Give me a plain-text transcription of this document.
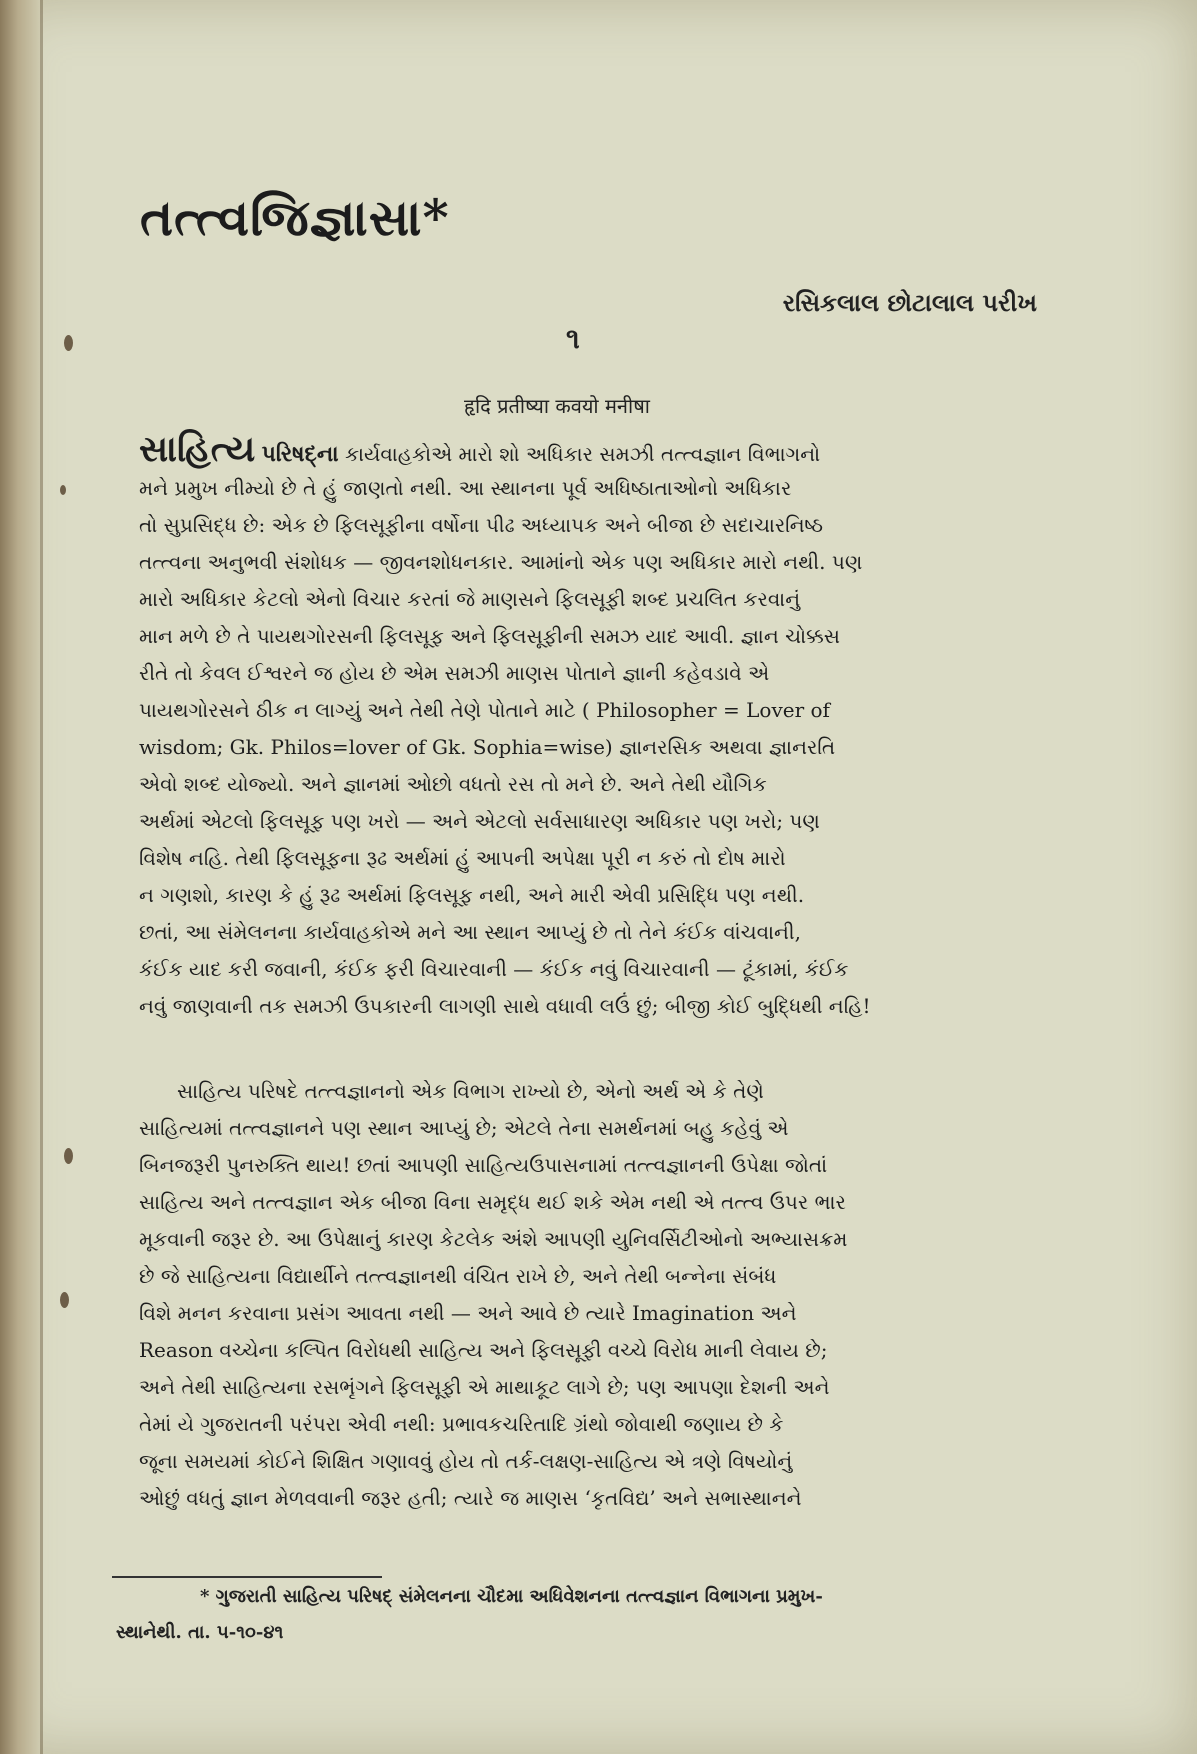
તત્ત્વજિજ્ઞાસા*
રસિકલાલ છોટાલાલ પરીખ
૧
हृदि प्रतीष्या कवयो मनीषा
સાહિત્ય પરિષદ્‌ના કાર્યવાહકોએ મારો શો અધિકાર સમઝી તત્ત્વજ્ઞાન વિભાગનો
મને પ્રમુખ નીમ્યો છે તે હું જાણતો નથી. આ સ્થાનના પૂર્વ અધિષ્ઠાતાઓનો અધિકાર
તો સુપ્રસિદ્ધ છે: એક છે ફિલસૂફીના વર્ષોના પીઢ અધ્યાપક અને બીજા છે સદાચારનિષ્ઠ
તત્ત્વના અનુભવી સંશોધક — જીવનશોધનકાર. આમાંનો એક પણ અધિકાર મારો નથી. પણ
મારો અધિકાર કેટલો એનો વિચાર કરતાં જે માણસને ફિલસૂફી શબ્દ પ્રચલિત કરવાનું
માન મળે છે તે પાયથગોરસની ફિલસૂફ અને ફિલસૂફીની સમઝ યાદ આવી. જ્ઞાન ચોક્કસ
રીતે તો કેવલ ઈશ્વરને જ હોય છે એમ સમઝી માણસ પોતાને જ્ઞાની કહેવડાવે એ
પાયથગોરસને ઠીક ન લાગ્યું અને તેથી તેણે પોતાને માટે ( Philosopher = Lover of
wisdom; Gk. Philos=lover of Gk. Sophia=wise) જ્ઞાનરસિક અથવા જ્ઞાનરતિ
એવો શબ્દ યોજ્યો. અને જ્ઞાનમાં ઓછો વધતો રસ તો મને છે. અને તેથી યૌગિક
અર્થમાં એટલો ફિલસૂફ પણ ખરો — અને એટલો સર્વસાધારણ અધિકાર પણ ખરો; પણ
વિશેષ નહિ. તેથી ફિલસૂફના રૂઢ અર્થમાં હું આપની અપેક્ષા પૂરી ન કરું તો દોષ મારો
ન ગણશો, કારણ કે હું રૂઢ અર્થમાં ફિલસૂફ નથી, અને મારી એવી પ્રસિદ્ધિ પણ નથી.
છતાં, આ સંમેલનના કાર્યવાહકોએ મને આ સ્થાન આપ્યું છે તો તેને કંઈક વાંચવાની,
કંઈક યાદ કરી જવાની, કંઈક ફરી વિચારવાની — કંઈક નવું વિચારવાની — ટૂંકામાં, કંઈક
નવું જાણવાની તક સમઝી ઉપકારની લાગણી સાથે વધાવી લઉં છું; બીજી કોઈ બુદ્ધિથી નહિ!
સાહિત્ય પરિષદે તત્ત્વજ્ઞાનનો એક વિભાગ રાખ્યો છે, એનો અર્થ એ કે તેણે
સાહિત્યમાં તત્ત્વજ્ઞાનને પણ સ્થાન આપ્યું છે; એટલે તેના સમર્થનમાં બહુ કહેવું એ
બિનજરૂરી પુનરુક્તિ થાય! છતાં આપણી સાહિત્યઉપાસનામાં તત્ત્વજ્ઞાનની ઉપેક્ષા જોતાં
સાહિત્ય અને તત્ત્વજ્ઞાન એક બીજા વિના સમૃદ્ધ થઈ શકે એમ નથી એ તત્ત્વ ઉપર ભાર
મૂકવાની જરૂર છે. આ ઉપેક્ષાનું કારણ કેટલેક અંશે આપણી યુનિવર્સિટીઓનો અભ્યાસક્રમ
છે જે સાહિત્યના વિદ્યાર્થીને તત્ત્વજ્ઞાનથી વંચિત રાખે છે, અને તેથી બન્નેના સંબંધ
વિશે મનન કરવાના પ્રસંગ આવતા નથી — અને આવે છે ત્યારે Imagination અને
Reason વચ્ચેના કલ્પિત વિરોધથી સાહિત્ય અને ફિલસૂફી વચ્ચે વિરોધ માની લેવાય છે;
અને તેથી સાહિત્યના રસભૃંગને ફિલસૂફી એ માથાકૂટ લાગે છે; પણ આપણા દેશની અને
તેમાં યે ગુજરાતની પરંપરા એવી નથી: પ્રભાવકચરિતાદિ ગ્રંથો જોવાથી જણાય છે કે
જૂના સમયમાં કોઈને શિક્ષિત ગણાવવું હોય તો તર્ક-લક્ષણ-સાહિત્ય એ ત્રણે વિષયોનું
ઓછું વધતું જ્ઞાન મેળવવાની જરૂર હતી; ત્યારે જ માણસ ‘કૃતવિદ્ય’ અને સભાસ્થાનને
* ગુજરાતી સાહિત્ય પરિષદ્ સંમેલનના ચૌદમા અધિવેશનના તત્ત્વજ્ઞાન વિભાગના પ્રમુખ-
સ્થાનેથી. તા. ૫-૧૦-૪૧
